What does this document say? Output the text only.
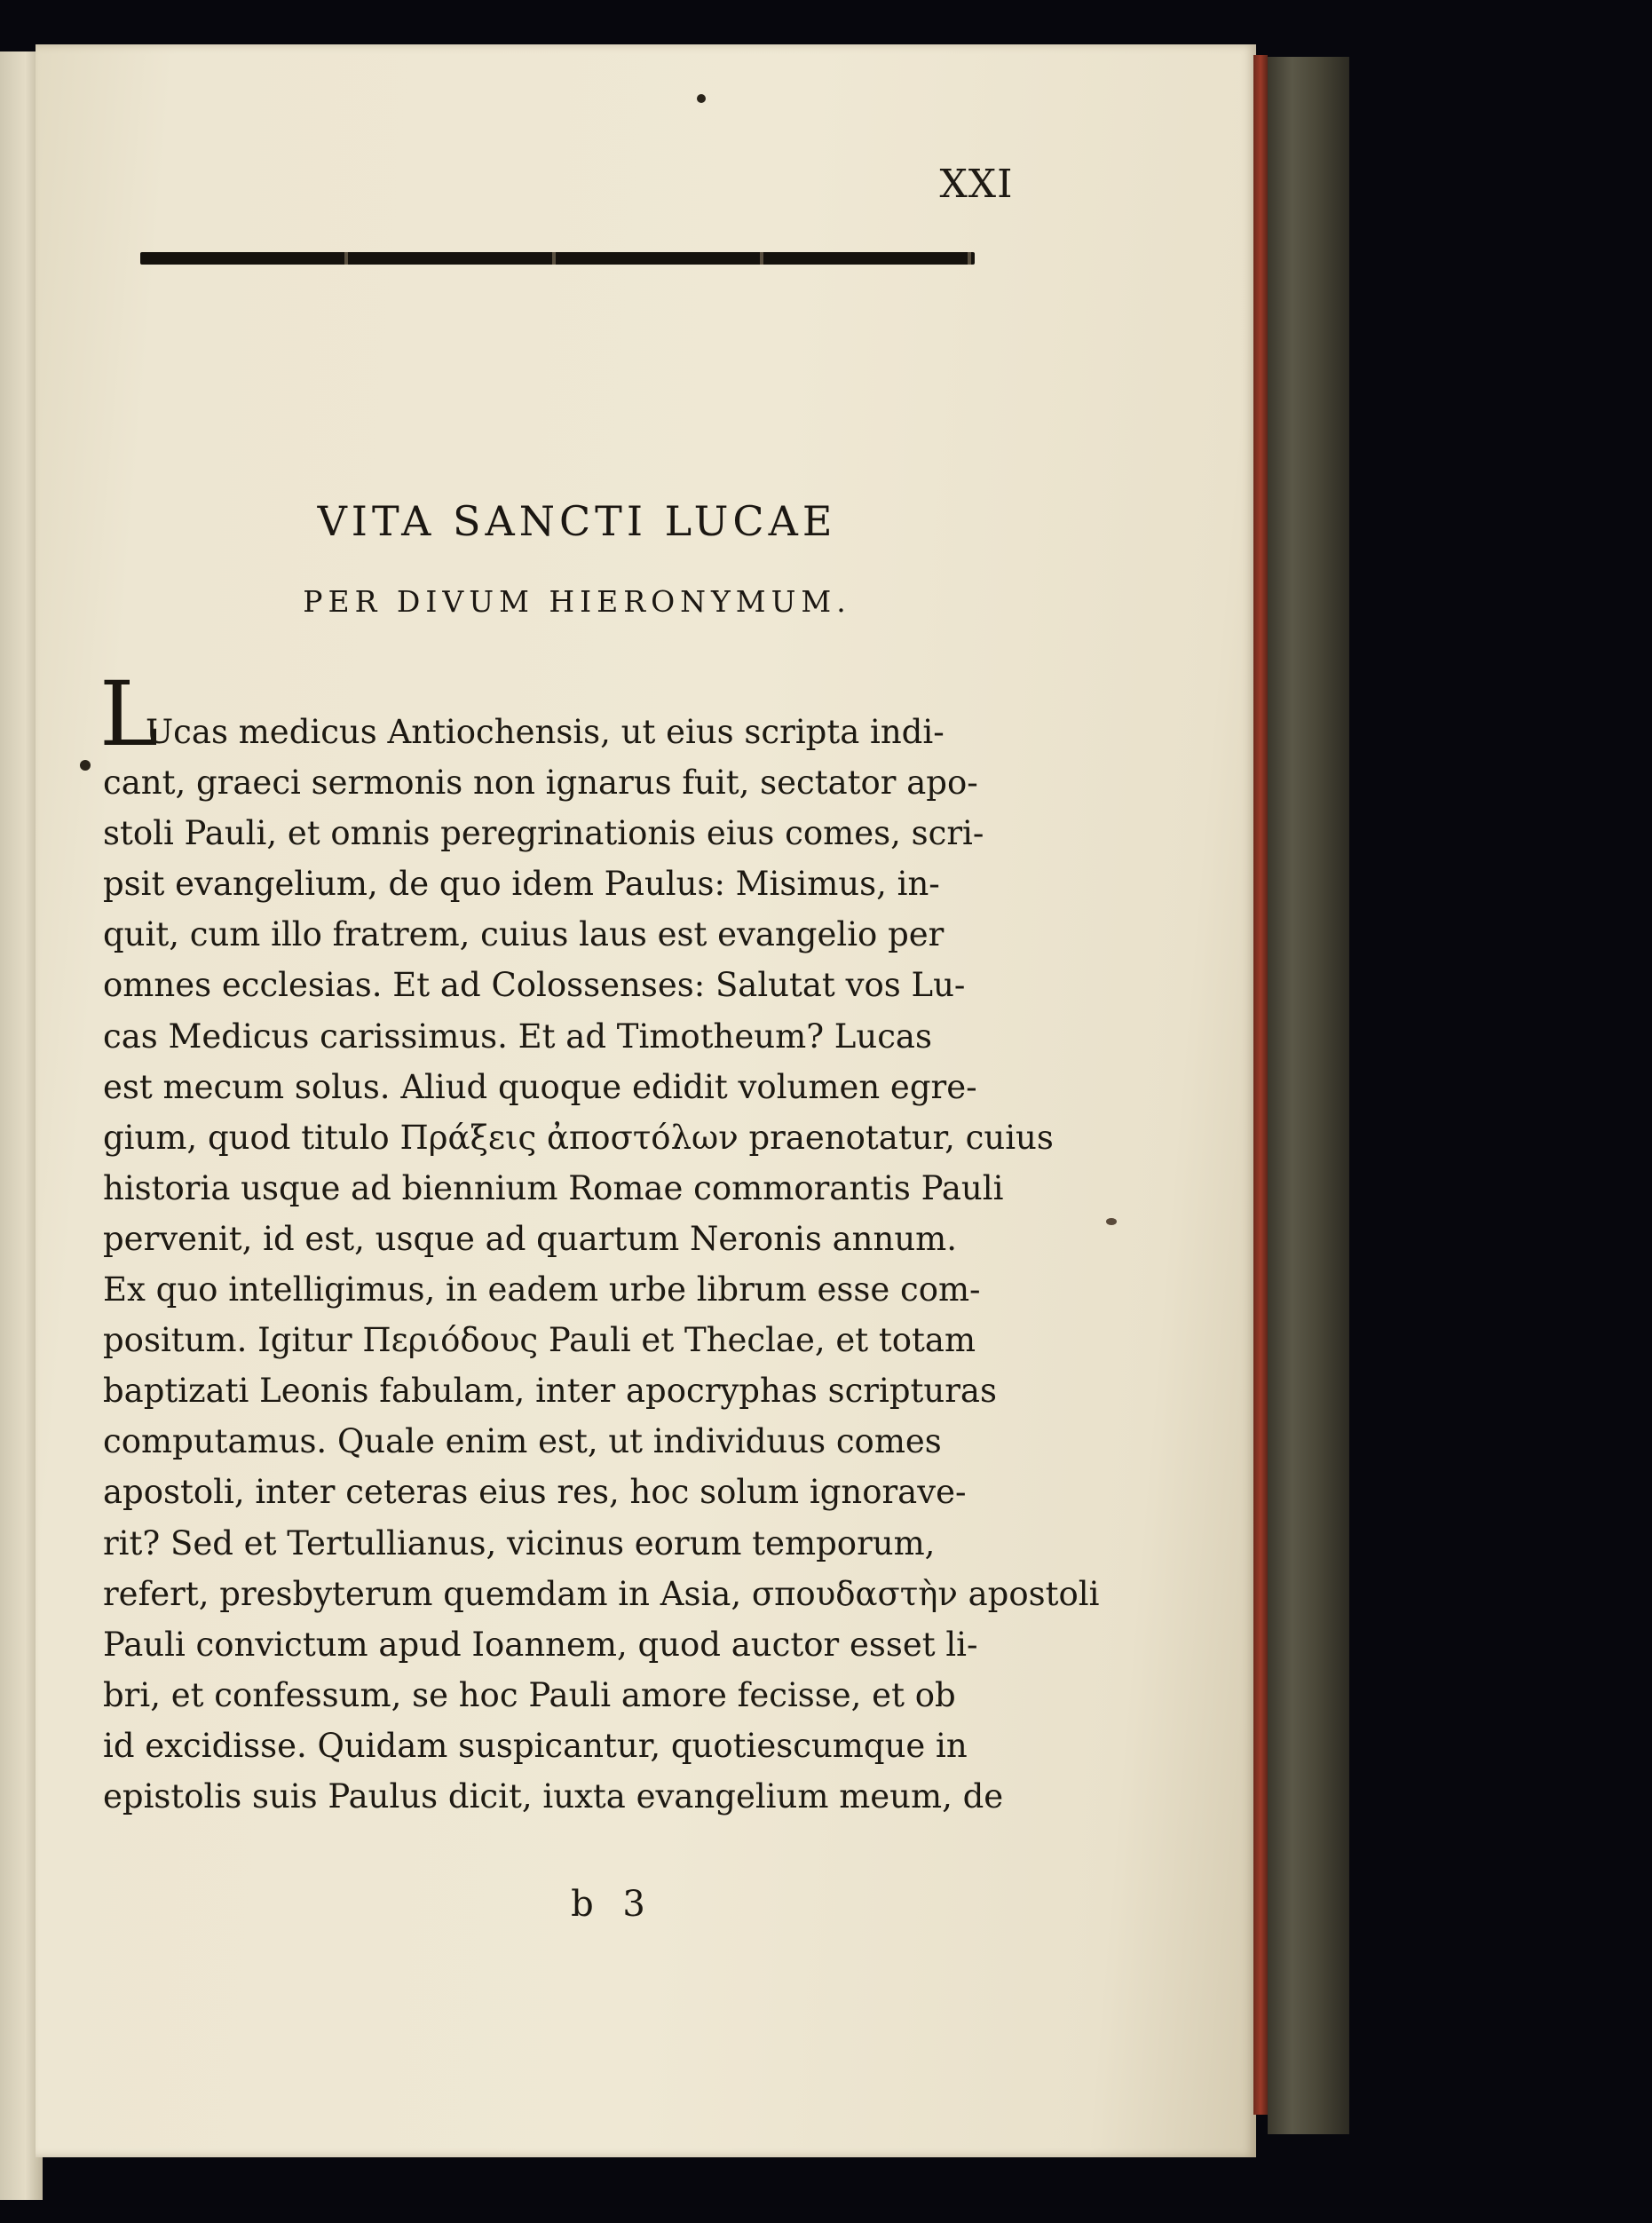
XXI
VITA SANCTI LUCAE
PER DIVUM HIERONYMUM.
L
Ucas medicus Antiochensis, ut eius scripta indi-
cant, graeci sermonis non ignarus fuit, sectator apo-
stoli Pauli, et omnis peregrinationis eius comes, scri-
psit evangelium, de quo idem Paulus: Misimus, in-
quit, cum illo fratrem, cuius laus est evangelio per
omnes ecclesias. Et ad Colossenses: Salutat vos Lu-
cas Medicus carissimus. Et ad Timotheum? Lucas
est mecum solus. Aliud quoque edidit volumen egre-
gium, quod titulo Πράξεις ἀποστόλων praenotatur, cuius
historia usque ad biennium Romae commorantis Pauli
pervenit, id est, usque ad quartum Neronis annum.
Ex quo intelligimus, in eadem urbe librum esse com-
positum. Igitur Περιόδους Pauli et Theclae, et totam
baptizati Leonis fabulam, inter apocryphas scripturas
computamus. Quale enim est, ut individuus comes
apostoli, inter ceteras eius res, hoc solum ignorave-
rit? Sed et Tertullianus, vicinus eorum temporum,
refert, presbyterum quemdam in Asia, σπουδαστὴν apostoli
Pauli convictum apud Ioannem, quod auctor esset li-
bri, et confessum, se hoc Pauli amore fecisse, et ob
id excidisse. Quidam suspicantur, quotiescumque in
epistolis suis Paulus dicit, iuxta evangelium meum, de
b 3
